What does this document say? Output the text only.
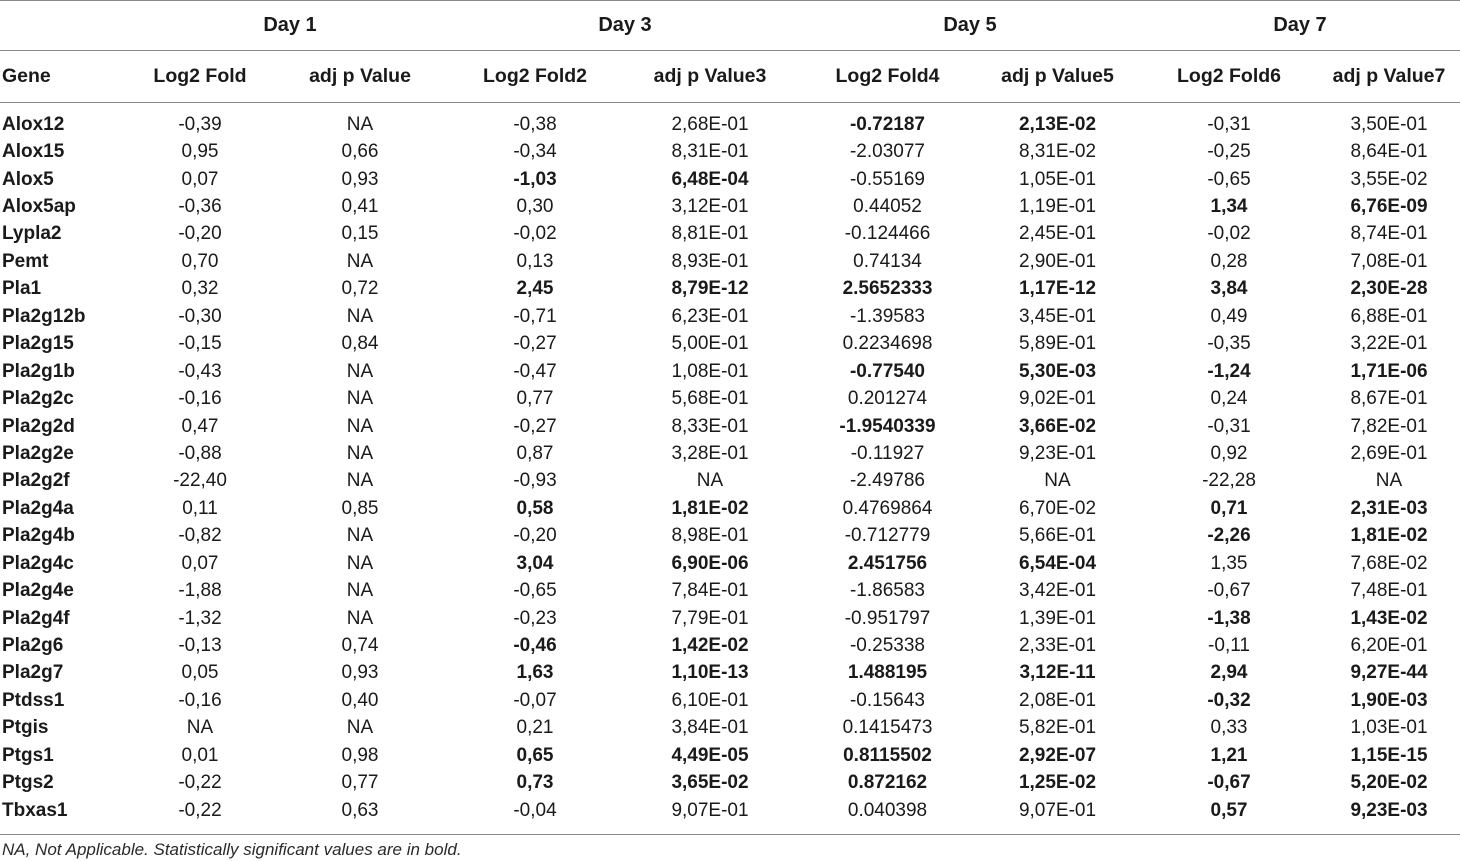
	Day 1		Day 3		Day 5		Day 7	
Gene	Log2 Fold	adj p Value	Log2 Fold2	adj p Value3	Log2 Fold4	adj p Value5	Log2 Fold6	adj p Value7
Alox12	-0,39	NA	-0,38	2,68E-01	-0.72187	2,13E-02	-0,31	3,50E-01
Alox15	0,95	0,66	-0,34	8,31E-01	-2.03077	8,31E-02	-0,25	8,64E-01
Alox5	0,07	0,93	-1,03	6,48E-04	-0.55169	1,05E-01	-0,65	3,55E-02
Alox5ap	-0,36	0,41	0,30	3,12E-01	0.44052	1,19E-01	1,34	6,76E-09
Lypla2	-0,20	0,15	-0,02	8,81E-01	-0.124466	2,45E-01	-0,02	8,74E-01
Pemt	0,70	NA	0,13	8,93E-01	0.74134	2,90E-01	0,28	7,08E-01
Pla1	0,32	0,72	2,45	8,79E-12	2.5652333	1,17E-12	3,84	2,30E-28
Pla2g12b	-0,30	NA	-0,71	6,23E-01	-1.39583	3,45E-01	0,49	6,88E-01
Pla2g15	-0,15	0,84	-0,27	5,00E-01	0.2234698	5,89E-01	-0,35	3,22E-01
Pla2g1b	-0,43	NA	-0,47	1,08E-01	-0.77540	5,30E-03	-1,24	1,71E-06
Pla2g2c	-0,16	NA	0,77	5,68E-01	0.201274	9,02E-01	0,24	8,67E-01
Pla2g2d	0,47	NA	-0,27	8,33E-01	-1.9540339	3,66E-02	-0,31	7,82E-01
Pla2g2e	-0,88	NA	0,87	3,28E-01	-0.11927	9,23E-01	0,92	2,69E-01
Pla2g2f	-22,40	NA	-0,93	NA	-2.49786	NA	-22,28	NA
Pla2g4a	0,11	0,85	0,58	1,81E-02	0.4769864	6,70E-02	0,71	2,31E-03
Pla2g4b	-0,82	NA	-0,20	8,98E-01	-0.712779	5,66E-01	-2,26	1,81E-02
Pla2g4c	0,07	NA	3,04	6,90E-06	2.451756	6,54E-04	1,35	7,68E-02
Pla2g4e	-1,88	NA	-0,65	7,84E-01	-1.86583	3,42E-01	-0,67	7,48E-01
Pla2g4f	-1,32	NA	-0,23	7,79E-01	-0.951797	1,39E-01	-1,38	1,43E-02
Pla2g6	-0,13	0,74	-0,46	1,42E-02	-0.25338	2,33E-01	-0,11	6,20E-01
Pla2g7	0,05	0,93	1,63	1,10E-13	1.488195	3,12E-11	2,94	9,27E-44
Ptdss1	-0,16	0,40	-0,07	6,10E-01	-0.15643	2,08E-01	-0,32	1,90E-03
Ptgis	NA	NA	0,21	3,84E-01	0.1415473	5,82E-01	0,33	1,03E-01
Ptgs1	0,01	0,98	0,65	4,49E-05	0.8115502	2,92E-07	1,21	1,15E-15
Ptgs2	-0,22	0,77	0,73	3,65E-02	0.872162	1,25E-02	-0,67	5,20E-02
Tbxas1	-0,22	0,63	-0,04	9,07E-01	0.040398	9,07E-01	0,57	9,23E-03
NA, Not Applicable. Statistically significant values are in bold.
